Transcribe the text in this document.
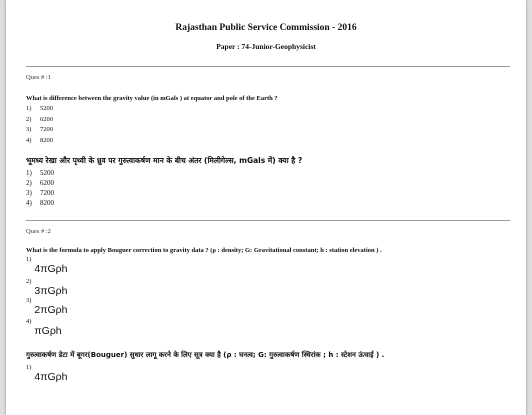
Rajasthan Public Service Commission - 2016
Paper : 74-Junior-Geophysicist
Ques # :1
What is difference between the gravity value (in mGals ) at equator and pole of the Earth ?
1) 5200
2) 6200
3) 7200
4) 8200
भूमध्य रेखा और पृथ्वी के ध्रुव पर गुरुत्वाकर्षण मान के बीच अंतर (मिलीगेल्स, mGals में) क्या है ?
1) 5200
2) 6200
3) 7200
4) 8200
Ques # :2
What is the formula to apply Bouguer correction to gravity data ? (ρ : density; G: Gravitational constant; h : station elevation ) .
$^{1)}$4πGρh
$^{2)}$3πGρh
$^{3)}$2πGρh
$^{4)}$πGρh
गुरुत्वाकर्षण डेटा में बूगर(Bouguer) सुधार लागू करने के लिए सूत्र क्या है (ρ : घनत्व; G: गुरुत्वाकर्षण स्थिरांक ; h : स्टेशन ऊंचाई ) .
$^{1)}$4πGρh
